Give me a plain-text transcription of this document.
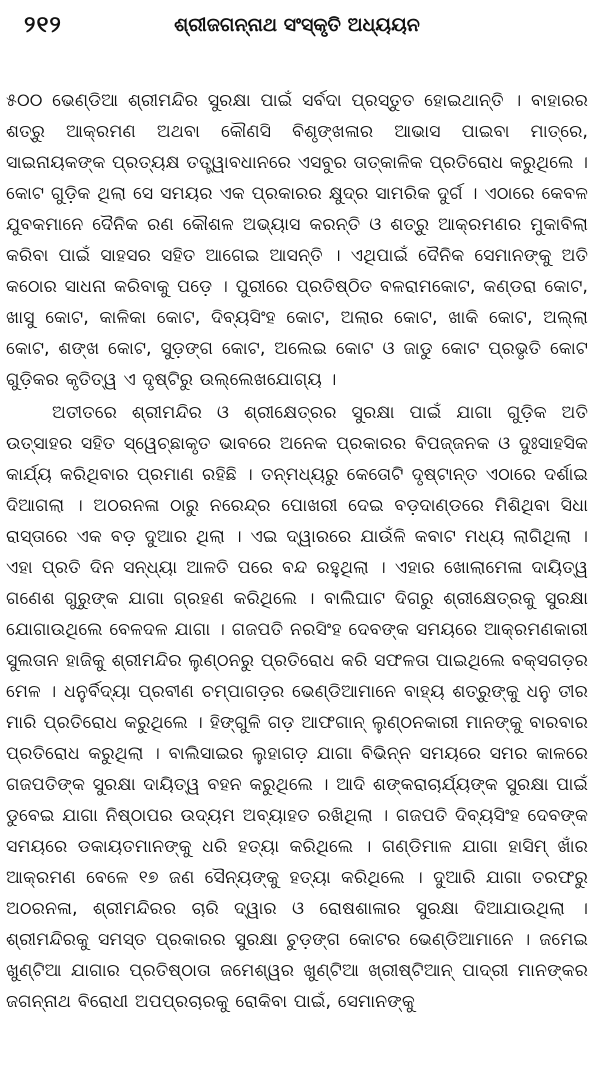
୨୧୨	ଶ୍ରୀଜଗନ୍ନାଥ ସଂସ୍କୃତି ଅଧ୍ୟୟନ

୫୦୦ ଭେଣ୍ଡିଆ ଶ୍ରୀମନ୍ଦିର ସୁରକ୍ଷା ପାଇଁ ସର୍ବଦା ପ୍ରସ୍ତୁତ ହୋଇଥାନ୍ତି । ବାହାରର ଶତ୍ରୁ ଆକ୍ରମଣ ଅଥବା କୌଣସି ବିଶୃଙ୍ଖଳାର ଆଭାସ ପାଇବା ମାତ୍ରେ, ସାଇନାୟକଙ୍କ ପ୍ରତ୍ୟକ୍ଷ ତତ୍ତ୍ୱାବଧାନରେ ଏସବୁର ତାତ୍କାଳିକ ପ୍ରତିରୋଧ କରୁଥିଲେ । କୋଟ ଗୁଡ଼ିକ ଥିଲା ସେ ସମୟର ଏକ ପ୍ରକାରର କ୍ଷୁଦ୍ର ସାମରିକ ଦୁର୍ଗ । ଏଠାରେ କେବଳ ଯୁବକମାନେ ଦୈନିକ ରଣ କୌଶଳ ଅଭ୍ୟାସ କରନ୍ତି ଓ ଶତ୍ରୁ ଆକ୍ରମଣର ମୁକାବିଲା କରିବା ପାଇଁ ସାହସର ସହିତ ଆଗେଇ ଆସନ୍ତି । ଏଥିପାଇଁ ଦୈନିକ ସେମାନଙ୍କୁ ଅତି କଠୋର ସାଧନା କରିବାକୁ ପଡ଼େ । ପୁରୀରେ ପ୍ରତିଷ୍ଠିତ ବଳରାମକୋଟ, କଣ୍ଡରା କୋଟ, ଖାସୁ କୋଟ, କାଳିକା କୋଟ, ଦିବ୍ୟସିଂହ କୋଟ, ଅଲାର କୋଟ, ଖାକି କୋଟ, ଅଲ୍ଲା କୋଟ, ଶଙ୍ଖ କୋଟ, ସୁଡ଼ଙ୍ଗ କୋଟ, ଅଲେଇ କୋଟ ଓ ଜାଡୁ କୋଟ ପ୍ରଭୃତି କୋଟ ଗୁଡ଼ିକର କୃତିତ୍ୱ ଏ ଦୃଷ୍ଟିରୁ ଉଲ୍ଲେଖଯୋଗ୍ୟ ।

ଅତୀତରେ ଶ୍ରୀମନ୍ଦିର ଓ ଶ୍ରୀକ୍ଷେତ୍ରର ସୁରକ୍ଷା ପାଇଁ ଯାଗା ଗୁଡ଼ିକ ଅତି ଉତ୍ସାହର ସହିତ ସ୍ୱେଚ୍ଛାକୃତ ଭାବରେ ଅନେକ ପ୍ରକାରର ବିପଜ୍ଜନକ ଓ ଦୁଃସାହସିକ କାର୍ଯ୍ୟ କରିଥିବାର ପ୍ରମାଣ ରହିଛି । ତନ୍ମଧ୍ୟରୁ କେତୋଟି ଦୃଷ୍ଟାନ୍ତ ଏଠାରେ ଦର୍ଶାଇ ଦିଆଗଲା । ଅଠରନଳା ଠାରୁ ନରେନ୍ଦ୍ର ପୋଖରୀ ଦେଇ ବଡ଼ଦାଣ୍ଡରେ ମିଶିଥିବା ସିଧା ରାସ୍ତାରେ ଏକ ବଡ଼ ଦୁଆର ଥିଲା । ଏଇ ଦ୍ୱାରରେ ଯାଉଁଳି କବାଟ ମଧ୍ୟ ଲାଗିଥିଲା । ଏହା ପ୍ରତି ଦିନ ସନ୍ଧ୍ୟା ଆଳତି ପରେ ବନ୍ଦ ରହୁଥିଲା । ଏହାର ଖୋଲାମେଳା ଦାୟିତ୍ୱ ଗଣେଶ ଗୁରୁଙ୍କ ଯାଗା ଗ୍ରହଣ କରିଥିଲେ । ବାଲିଘାଟ ଦିଗରୁ ଶ୍ରୀକ୍ଷେତ୍ରକୁ ସୁରକ୍ଷା ଯୋଗାଉଥିଲେ ବେଳଦଳ ଯାଗା । ଗଜପତି ନରସିଂହ ଦେବଙ୍କ ସମୟରେ ଆକ୍ରମଣକାରୀ ସୁଲତାନ ହାଜିକୁ ଶ୍ରୀମନ୍ଦିର ଲୁଣ୍ଠନରୁ ପ୍ରତିରୋଧ କରି ସଫଳତା ପାଇଥିଲେ ବକ୍ସଗଡ଼ର ମେଳ । ଧନୁର୍ବିଦ୍ୟା ପ୍ରବୀଣ ଚମ୍ପାଗଡ଼ର ଭେଣ୍ଡିଆମାନେ ବାହ୍ୟ ଶତ୍ରୁଙ୍କୁ ଧନୁ ତୀର ମାରି ପ୍ରତିରୋଧ କରୁଥିଲେ । ହିଙ୍ଗୁଳି ଗଡ଼ ଆଫଗାନ୍ ଲୁଣ୍ଠନକାରୀ ମାନଙ୍କୁ ବାରବାର ପ୍ରତିରୋଧ କରୁଥିଲା । ବାଲିସାଇର ଲୁହାଗଡ଼ ଯାଗା ବିଭିନ୍ନ ସମୟରେ ସମର କାଳରେ ଗଜପତିଙ୍କ ସୁରକ୍ଷା ଦାୟିତ୍ୱ ବହନ କରୁଥିଲେ । ଆଦି ଶଙ୍କରାଚାର୍ଯ୍ୟଙ୍କ ସୁରକ୍ଷା ପାଇଁ ଡୁବେଇ ଯାଗା ନିଷ୍ଠାପର ଉଦ୍ୟମ ଅବ୍ୟାହତ ରଖିଥିଲା । ଗଜପତି ଦିବ୍ୟସିଂହ ଦେବଙ୍କ ସମୟରେ ଡକାୟତମାନଙ୍କୁ ଧରି ହତ୍ୟା କରିଥିଲେ । ଗଣ୍ଡିମାଳ ଯାଗା ହାସିମ୍ ଖାଁର ଆକ୍ରମଣ ବେଳେ ୧୭ ଜଣ ସୈନ୍ୟଙ୍କୁ ହତ୍ୟା କରିଥିଲେ । ଦୁଆରି ଯାଗା ତରଫରୁ ଅଠରନଳା, ଶ୍ରୀମନ୍ଦିରର ଚାରି ଦ୍ୱାର ଓ ରୋଷଶାଳାର ସୁରକ୍ଷା ଦିଆଯାଉଥିଲା । ଶ୍ରୀମନ୍ଦିରକୁ ସମସ୍ତ ପ୍ରକାରର ସୁରକ୍ଷା ଚୁଡ଼ଙ୍ଗ କୋଟର ଭେଣ୍ଡିଆମାନେ । ଜମେଇ ଖୁଣ୍ଟିଆ ଯାଗାର ପ୍ରତିଷ୍ଠାତା ଜମେଶ୍ୱର ଖୁଣ୍ଟିଆ ଖ୍ରୀଷ୍ଟିଆନ୍ ପାଦ୍ରୀ ମାନଙ୍କର ଜଗନ୍ନାଥ ବିରୋଧୀ ଅପପ୍ରଚାରକୁ ରୋକିବା ପାଇଁ, ସେମାନଙ୍କୁ
